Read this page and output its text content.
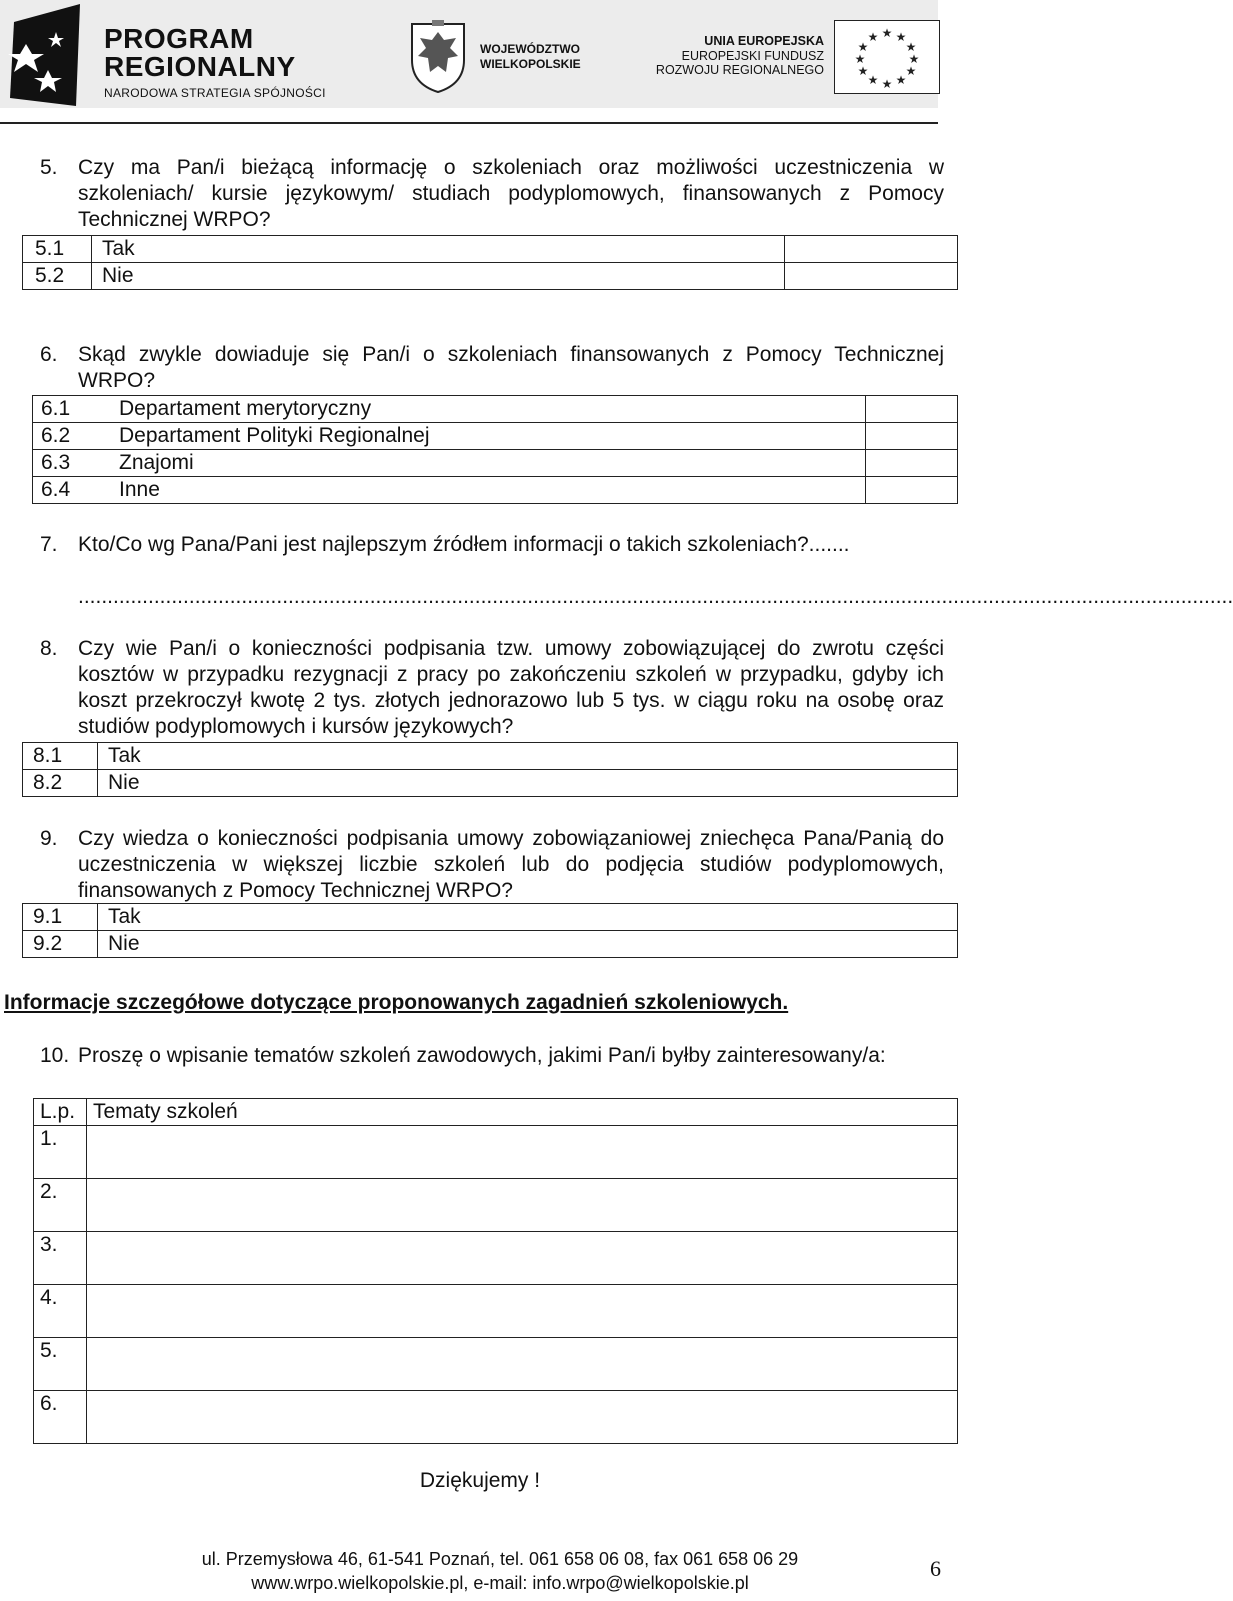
PROGRAM
REGIONALNY
NARODOWA STRATEGIA SPÓJNOŚCI
WOJEWÓDZTWO
WIELKOPOLSKIE
UNIA EUROPEJSKA
EUROPEJSKI FUNDUSZ
ROZWOJU REGIONALNEGO
★ ★
★
★
★
★
★
★
★
★
★
★
5. Czy ma Pan/i bieżącą informację o szkoleniach oraz możliwości uczestniczenia w szkoleniach/ kursie językowym/ studiach podyplomowych, finansowanych z Pomocy Technicznej WRPO?
5.1	Tak	
5.2	Nie	
6. Skąd zwykle dowiaduje się Pan/i o szkoleniach finansowanych z Pomocy Technicznej WRPO?
6.1	Departament merytoryczny	
6.2	Departament Polityki Regionalnej	
6.3	Znajomi	
6.4	Inne	
7. Kto/Co wg Pana/Pani jest najlepszym źródłem informacji o takich szkoleniach?.......
......................................................................................................................................................................................................
8. Czy wie Pan/i o konieczności podpisania tzw. umowy zobowiązującej do zwrotu części kosztów w przypadku rezygnacji z pracy po zakończeniu szkoleń w przypadku, gdyby ich koszt przekroczył kwotę 2 tys. złotych jednorazowo lub 5 tys. w ciągu roku na osobę oraz studiów podyplomowych i kursów językowych?
8.1	Tak	
8.2	Nie	
9. Czy wiedza o konieczności podpisania umowy zobowiązaniowej zniechęca Pana/Panią do uczestniczenia w większej liczbie szkoleń lub do podjęcia studiów podyplomowych, finansowanych z Pomocy Technicznej WRPO?
9.1	Tak	
9.2	Nie	
Informacje szczegółowe dotyczące proponowanych zagadnień szkoleniowych.
10. Proszę o wpisanie tematów szkoleń zawodowych, jakimi Pan/i byłby zainteresowany/a:
L.p.	Tematy szkoleń
1.	
2.	
3.	
4.	
5.	
6.	
Dziękujemy !
ul. Przemysłowa 46, 61-541 Poznań, tel. 061 658 06 08, fax 061 658 06 29
www.wrpo.wielkopolskie.pl, e-mail: info.wrpo@wielkopolskie.pl
6
